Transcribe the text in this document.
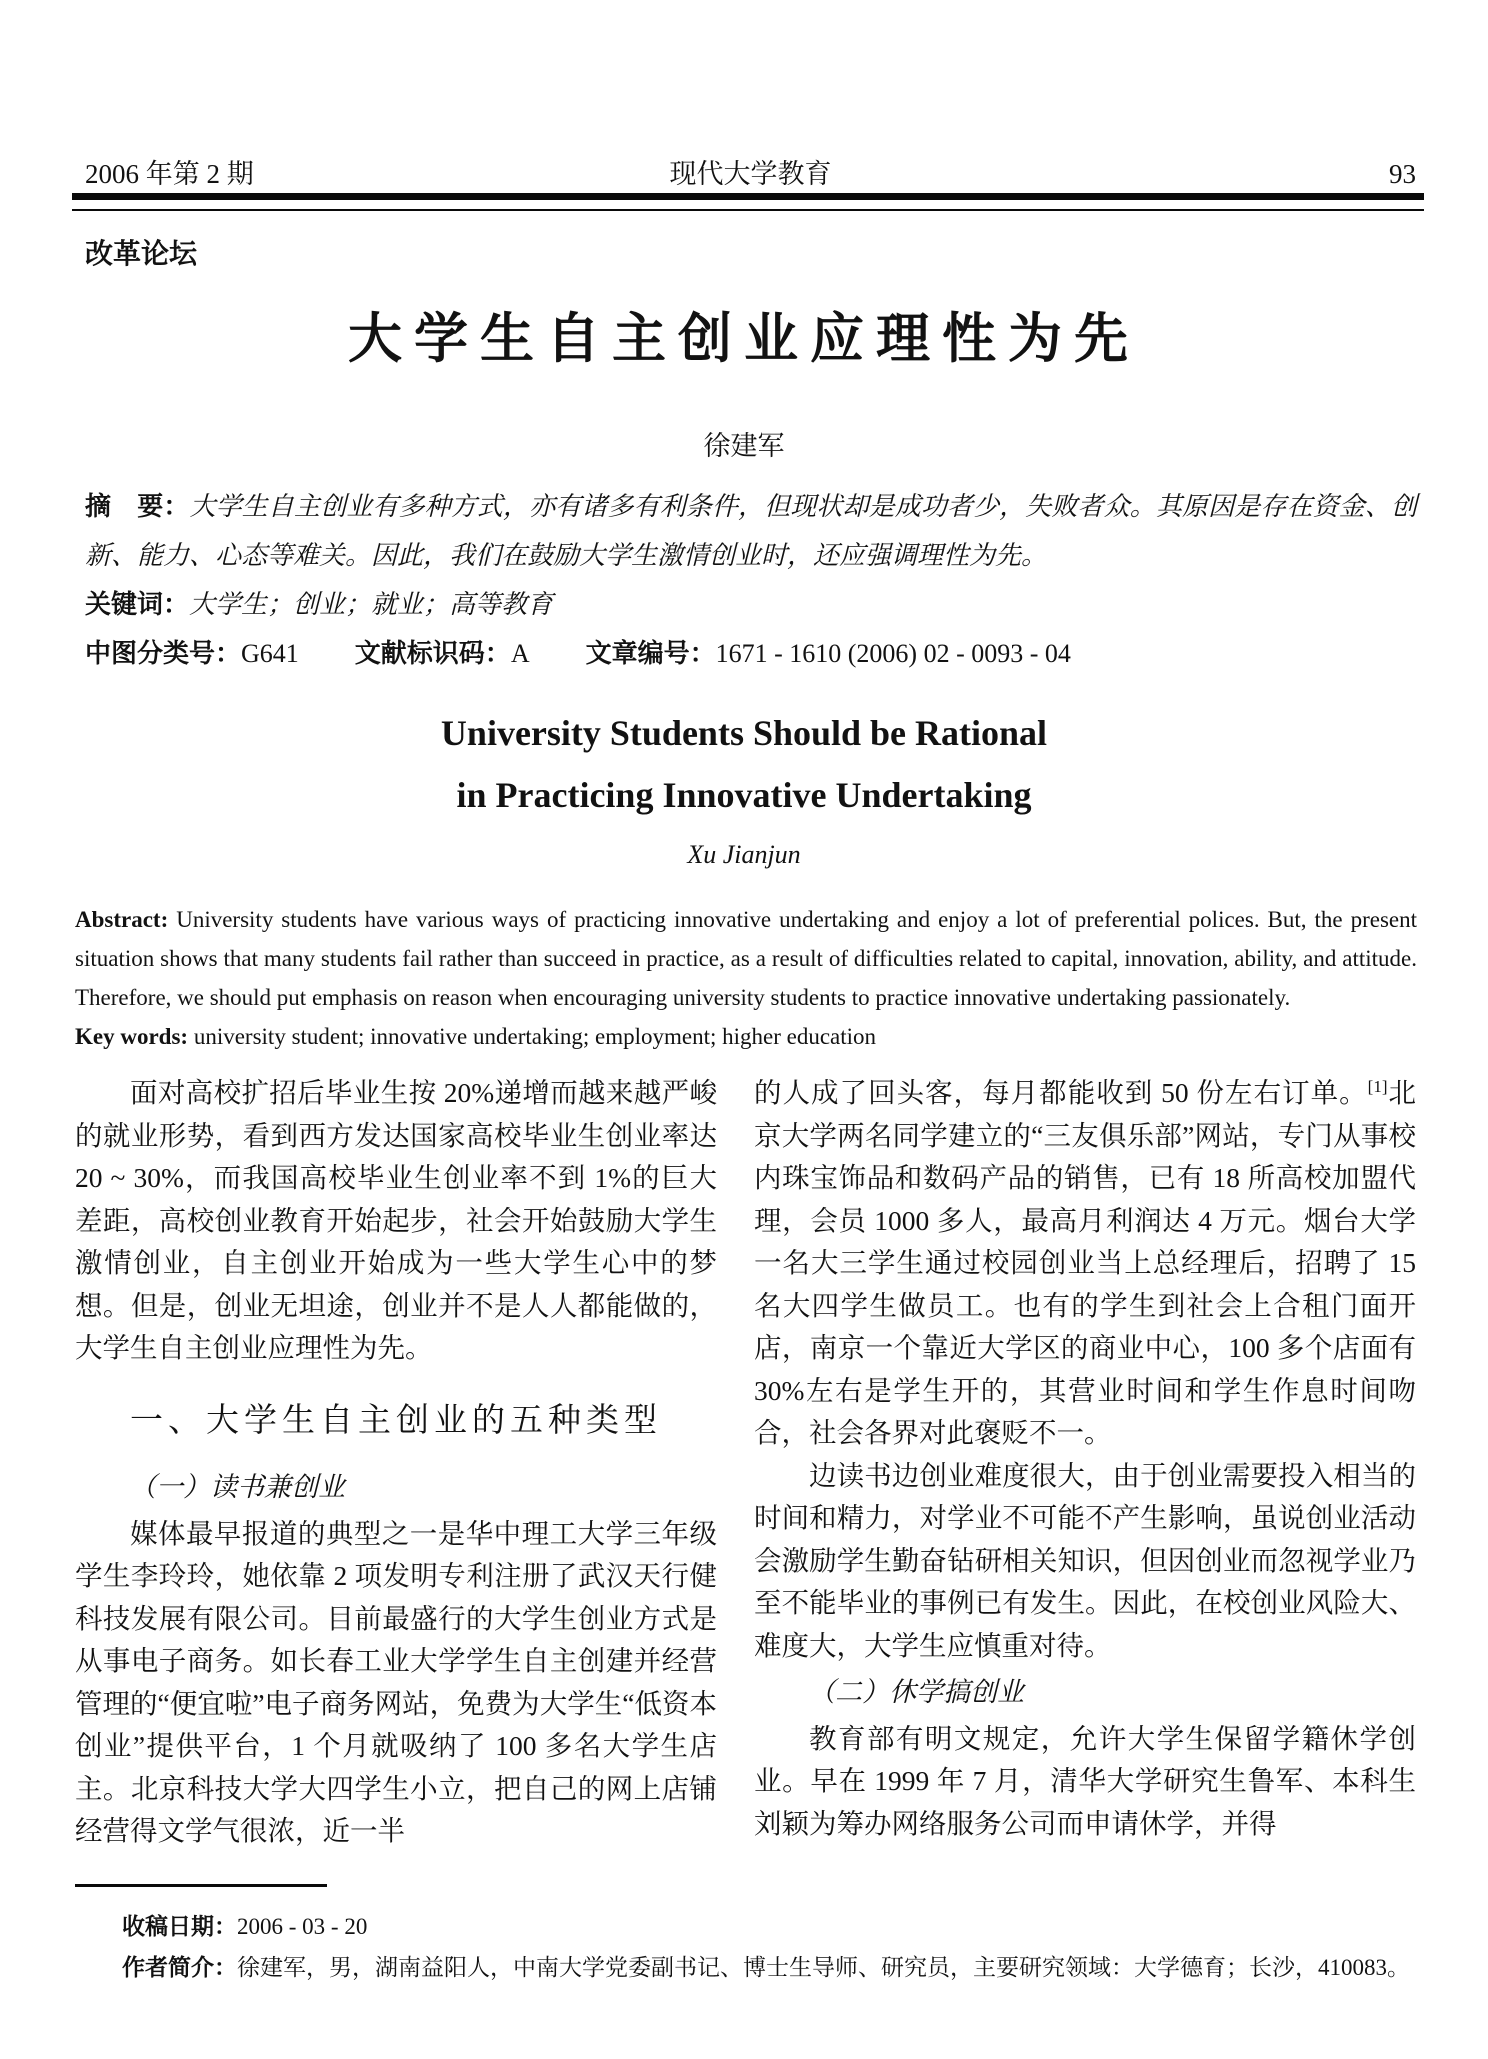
2006 年第 2 期	现代大学教育	93
改革论坛
大学生自主创业应理性为先
徐建军

摘　要：大学生自主创业有多种方式，亦有诸多有利条件，但现状却是成功者少，失败者众。其原因是存在资金、创新、能力、心态等难关。因此，我们在鼓励大学生激情创业时，还应强调理性为先。

关键词：大学生；创业；就业；高等教育

中图分类号：G641 文献标识码：A 文章编号：1671 - 1610 (2006) 02 - 0093 - 04

University Students Should be Rational
in Practicing Innovative Undertaking
Xu Jianjun

Abstract: University students have various ways of practicing innovative undertaking and enjoy a lot of preferential polices. But, the present situation shows that many students fail rather than succeed in practice, as a result of difficulties related to capital, innovation, ability, and attitude. Therefore, we should put emphasis on reason when encouraging university students to practice innovative undertaking passionately.

Key words: university student; innovative undertaking; employment; higher education

面对高校扩招后毕业生按 20%递增而越来越严峻的就业形势，看到西方发达国家高校毕业生创业率达 20 ~ 30%，而我国高校毕业生创业率不到 1%的巨大差距，高校创业教育开始起步，社会开始鼓励大学生激情创业，自主创业开始成为一些大学生心中的梦想。但是，创业无坦途，创业并不是人人都能做的，大学生自主创业应理性为先。

一、大学生自主创业的五种类型
（一）读书兼创业

媒体最早报道的典型之一是华中理工大学三年级学生李玲玲，她依靠 2 项发明专利注册了武汉天行健科技发展有限公司。目前最盛行的大学生创业方式是从事电子商务。如长春工业大学学生自主创建并经营管理的“便宜啦”电子商务网站，免费为大学生“低资本创业”提供平台，1 个月就吸纳了 100 多名大学生店主。北京科技大学大四学生小立，把自己的网上店铺经营得文学气很浓，近一半

的人成了回头客，每月都能收到 50 份左右订单。[1]北京大学两名同学建立的“三友俱乐部”网站，专门从事校内珠宝饰品和数码产品的销售，已有 18 所高校加盟代理，会员 1000 多人，最高月利润达 4 万元。烟台大学一名大三学生通过校园创业当上总经理后，招聘了 15 名大四学生做员工。也有的学生到社会上合租门面开店，南京一个靠近大学区的商业中心，100 多个店面有 30%左右是学生开的，其营业时间和学生作息时间吻合，社会各界对此褒贬不一。

边读书边创业难度很大，由于创业需要投入相当的时间和精力，对学业不可能不产生影响，虽说创业活动会激励学生勤奋钻研相关知识，但因创业而忽视学业乃至不能毕业的事例已有发生。因此，在校创业风险大、难度大，大学生应慎重对待。

（二）休学搞创业

教育部有明文规定，允许大学生保留学籍休学创业。早在 1999 年 7 月，清华大学研究生鲁军、本科生刘颖为筹办网络服务公司而申请休学，并得

收稿日期：2006 - 03 - 20

作者简介：徐建军，男，湖南益阳人，中南大学党委副书记、博士生导师、研究员，主要研究领域：大学德育；长沙，410083。
